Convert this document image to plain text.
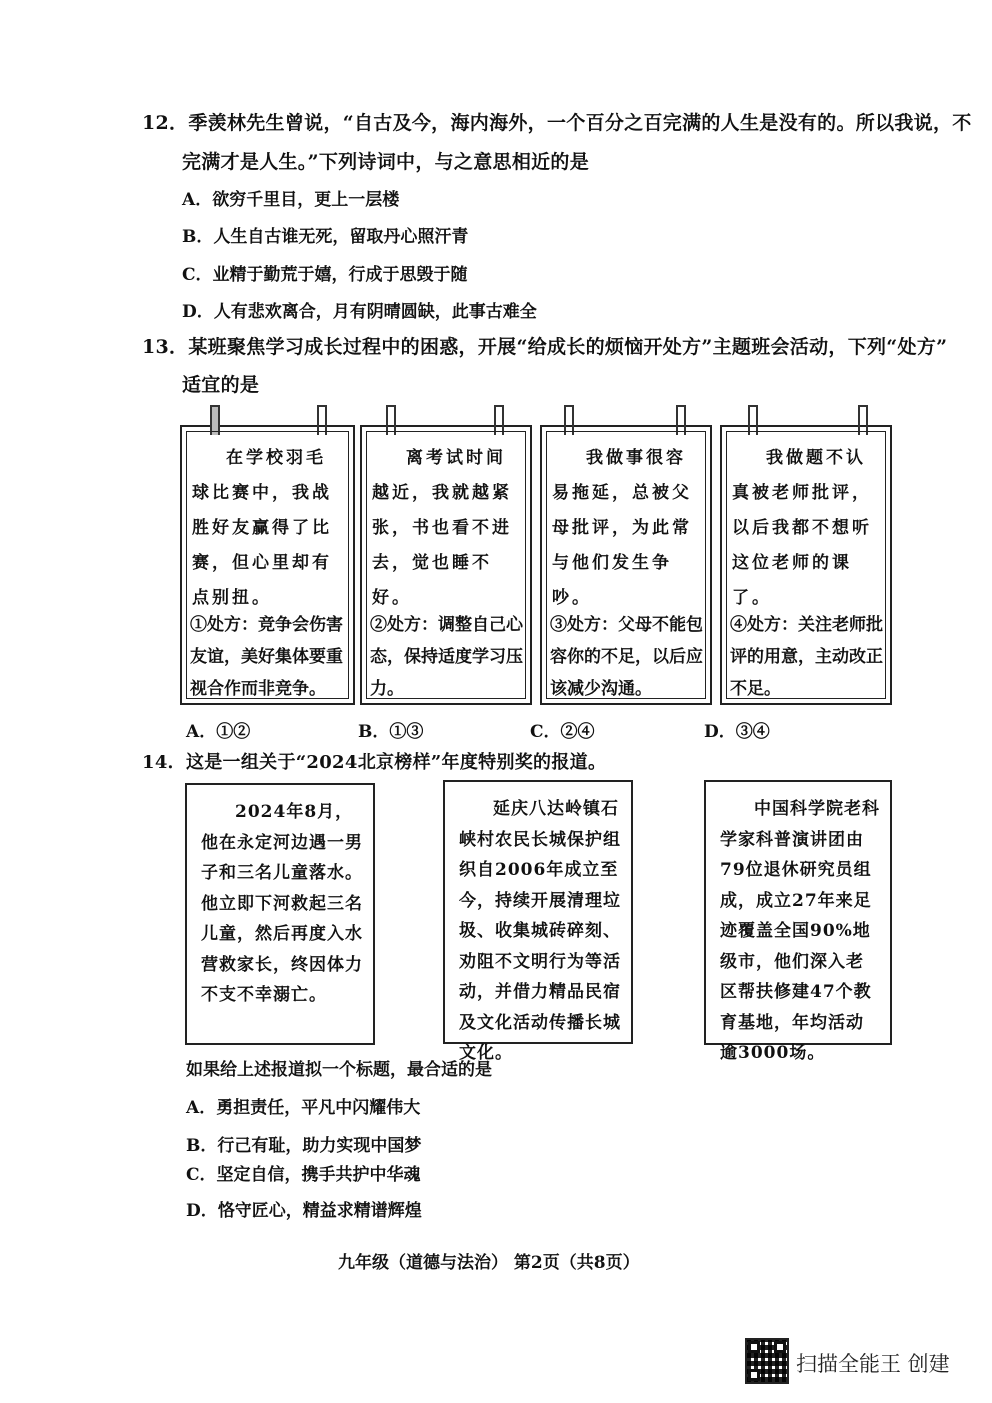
12．季羡林先生曾说，“自古及今，海内海外，一个百分之百完满的人生是没有的。所以我说，不
完满才是人生。”下列诗词中，与之意思相近的是
A．欲穷千里目，更上一层楼
B．人生自古谁无死，留取丹心照汗青
C．业精于勤荒于嬉，行成于思毁于随
D．人有悲欢离合，月有阴晴圆缺，此事古难全
13．某班聚焦学习成长过程中的困惑，开展“给成长的烦恼开处方”主题班会活动，下列“处方”
适宜的是
在学校羽毛球比赛中，我战胜好友赢得了比赛，但心里却有点别扭。
①处方：竞争会伤害友谊，美好集体要重视合作而非竞争。
离考试时间越近，我就越紧张，书也看不进去，觉也睡不好。
②处方：调整自己心态，保持适度学习压力。
我做事很容易拖延，总被父母批评，为此常与他们发生争吵。
③处方：父母不能包容你的不足，以后应该减少沟通。
我做题不认真被老师批评，以后我都不想听这位老师的课了。
④处方：关注老师批评的用意，主动改正不足。
A．①②	B．①③	C．②④	D．③④
14．这是一组关于“2024北京榜样”年度特别奖的报道。
2024年8月，他在永定河边遇一男子和三名儿童落水。他立即下河救起三名儿童，然后再度入水营救家长，终因体力不支不幸溺亡。
延庆八达岭镇石峡村农民长城保护组织自2006年成立至今，持续开展清理垃圾、收集城砖碎刻、劝阻不文明行为等活动，并借力精品民宿及文化活动传播长城文化。
中国科学院老科学家科普演讲团由79位退休研究员组成，成立27年来足迹覆盖全国90%地级市，他们深入老区帮扶修建47个教育基地，年均活动逾3000场。
如果给上述报道拟一个标题，最合适的是
A．勇担责任，平凡中闪耀伟大
B．行己有耻，助力实现中国梦
C．坚定自信，携手共护中华魂
D．恪守匠心，精益求精谱辉煌
九年级（道德与法治） 第2页（共8页）
扫描全能王 创建
